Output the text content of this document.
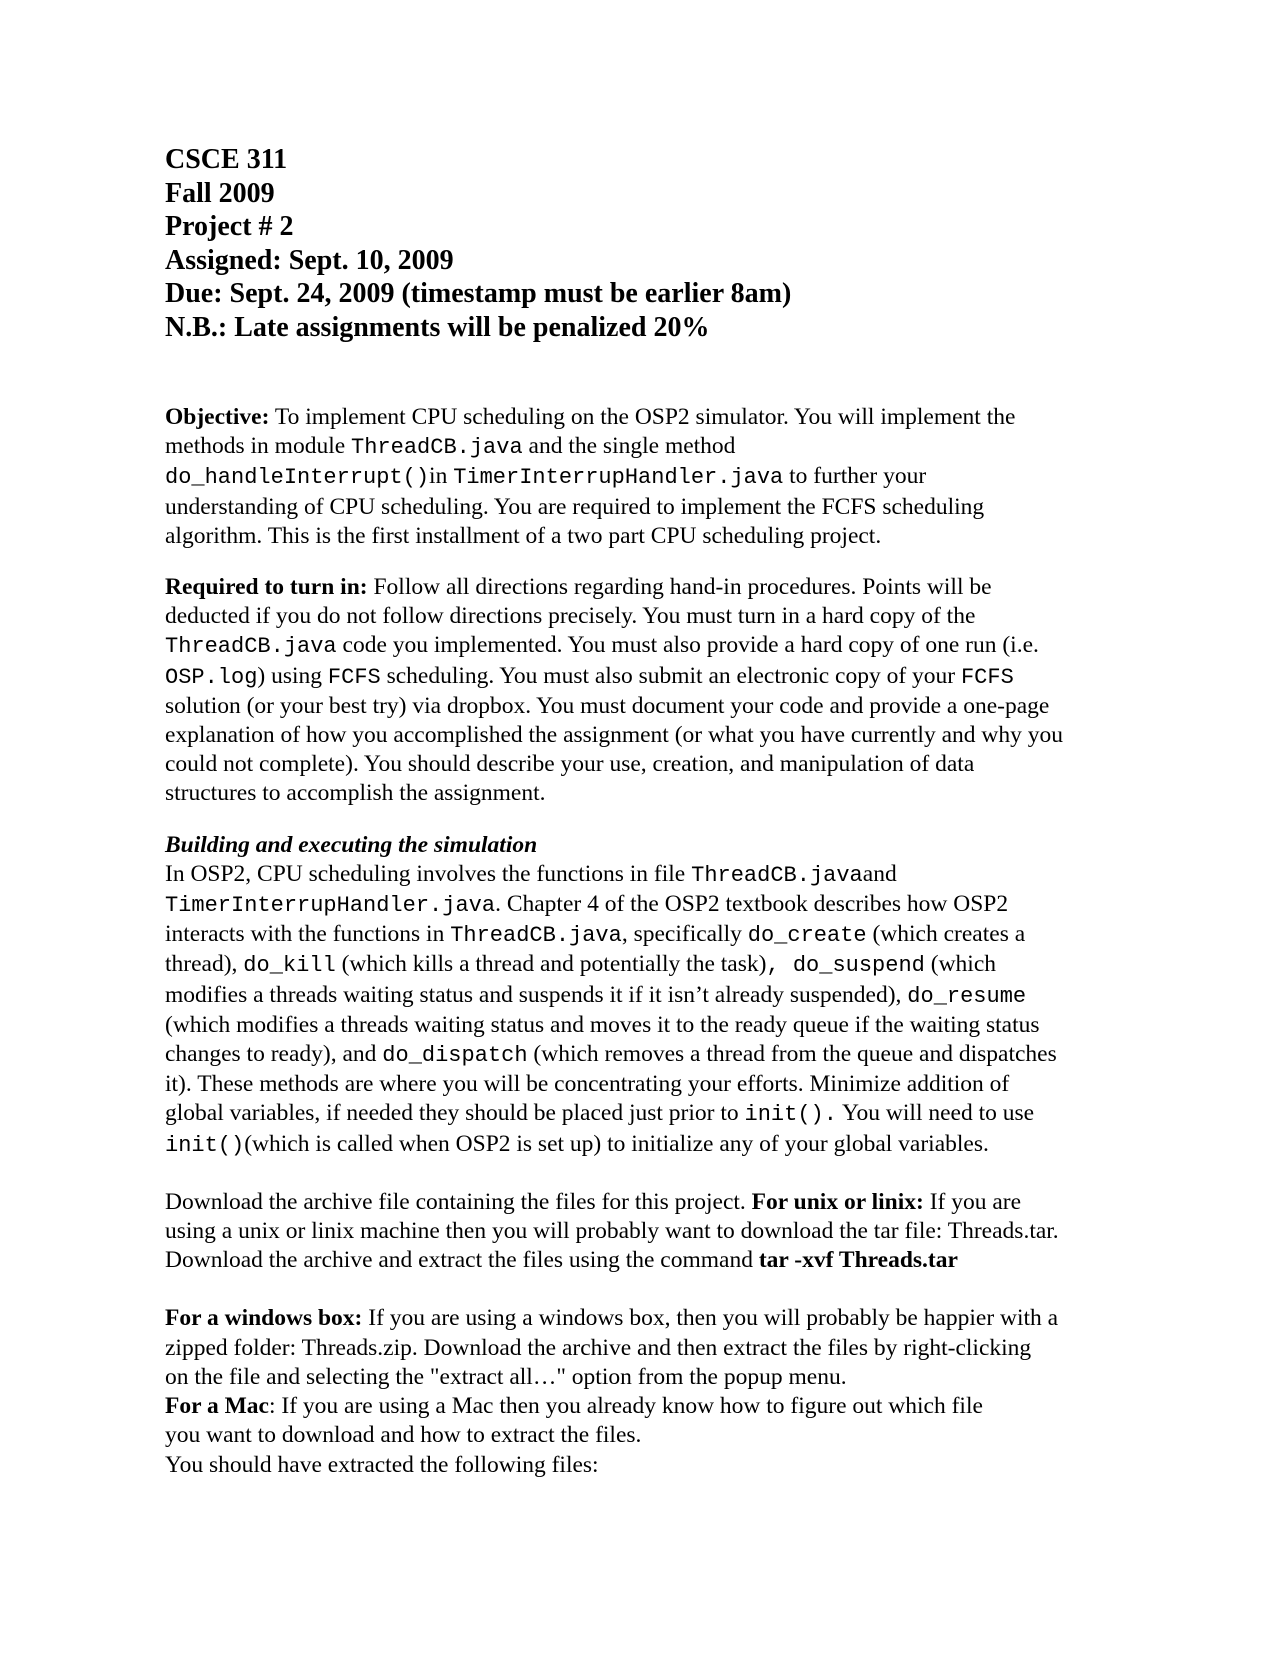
CSCE 311
Fall 2009
Project # 2
Assigned: Sept. 10, 2009
Due: Sept. 24, 2009 (timestamp must be earlier 8am)
N.B.: Late assignments will be penalized 20%

Objective: To implement CPU scheduling on the OSP2 simulator. You will implement the
methods in module ThreadCB.java and the single method
do_handleInterrupt()in TimerInterrupHandler.java to further your
understanding of CPU scheduling. You are required to implement the FCFS scheduling
algorithm. This is the first installment of a two part CPU scheduling project.

Required to turn in: Follow all directions regarding hand-in procedures. Points will be
deducted if you do not follow directions precisely. You must turn in a hard copy of the
ThreadCB.java code you implemented. You must also provide a hard copy of one run (i.e.
OSP.log) using FCFS scheduling. You must also submit an electronic copy of your FCFS
solution (or your best try) via dropbox. You must document your code and provide a one-page
explanation of how you accomplished the assignment (or what you have currently and why you
could not complete). You should describe your use, creation, and manipulation of data
structures to accomplish the assignment.

Building and executing the simulation
In OSP2, CPU scheduling involves the functions in file ThreadCB.javaand
TimerInterrupHandler.java. Chapter 4 of the OSP2 textbook describes how OSP2
interacts with the functions in ThreadCB.java, specifically do_create (which creates a
thread), do_kill (which kills a thread and potentially the task), do_suspend (which
modifies a threads waiting status and suspends it if it isn’t already suspended), do_resume
(which modifies a threads waiting status and moves it to the ready queue if the waiting status
changes to ready), and do_dispatch (which removes a thread from the queue and dispatches
it). These methods are where you will be concentrating your efforts. Minimize addition of
global variables, if needed they should be placed just prior to init(). You will need to use
init()(which is called when OSP2 is set up) to initialize any of your global variables.

Download the archive file containing the files for this project. For unix or linix: If you are
using a unix or linix machine then you will probably want to download the tar file: Threads.tar.
Download the archive and extract the files using the command tar -xvf Threads.tar

For a windows box: If you are using a windows box, then you will probably be happier with a
zipped folder: Threads.zip. Download the archive and then extract the files by right-clicking
on the file and selecting the "extract all…" option from the popup menu.
For a Mac: If you are using a Mac then you already know how to figure out which file
you want to download and how to extract the files.
You should have extracted the following files:
